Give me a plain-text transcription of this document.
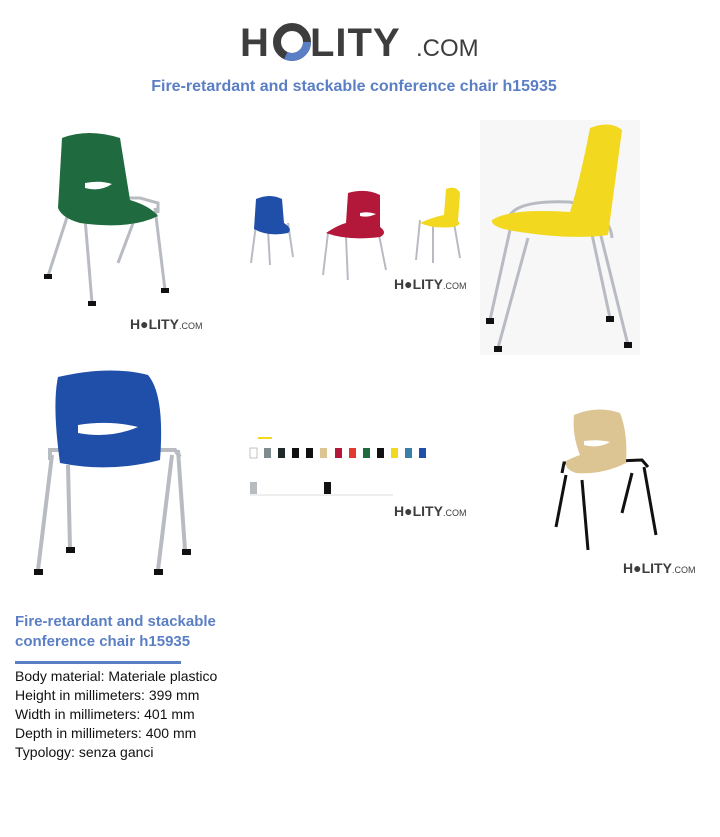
H LITY .COM
Fire-retardant and stackable conference chair h15935
H●LITY.COM
H●LITY.COM
H●LITY.COM
H●LITY.COM
Fire-retardant and stackable conference chair h15935
Body material: Materiale plastico
Height in millimeters: 399 mm
Width in millimeters: 401 mm
Depth in millimeters: 400 mm
Typology: senza ganci
